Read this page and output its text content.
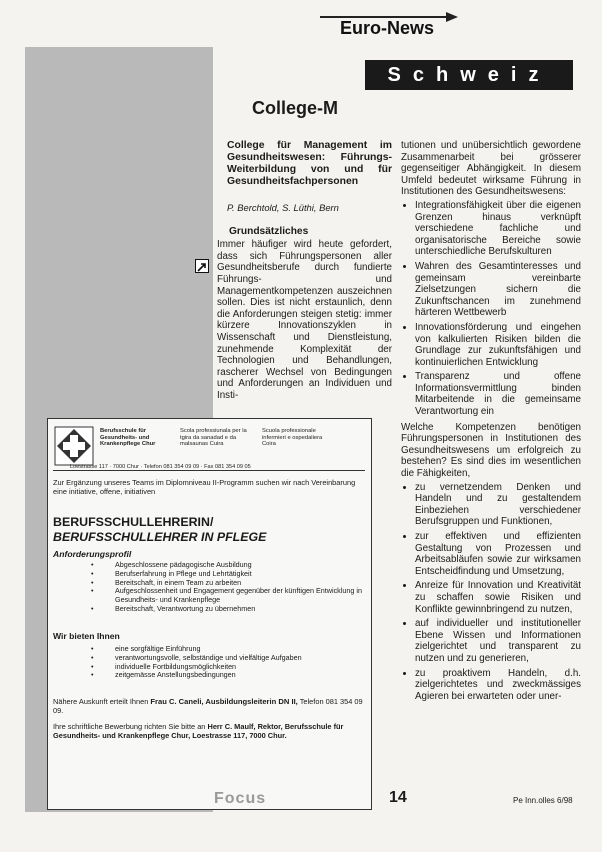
Euro-News
Schweiz
College-M

College für Management im Gesundheitswesen: Führungs-Weiterbildung von und für Gesundheitsfachpersonen

P. Berchtold, S. Lüthi, Bern

Grundsätzliches

Immer häufiger wird heute gefordert, dass sich Führungspersonen aller Gesundheitsberufe durch fundierte Führungs- und Managementkompetenzen auszeichnen sollen. Dies ist nicht erstaunlich, denn die Anforderungen steigen stetig: immer kürzere Innovationszyklen in Wissenschaft und Dienstleistung, zunehmende Komplexität der Technologien und Behandlungen, rascherer Wechsel von Bedingungen und Anforderungen an Individuen und Insti-

tutionen und unübersichtlich gewordene Zusammenarbeit bei grösserer gegenseitiger Abhängigkeit. In diesem Umfeld bedeutet wirksame Führung in Institutionen des Gesundheitswesens:

• Integrationsfähigkeit über die eigenen Grenzen hinaus verknüpft verschiedene fachliche und organisatorische Bereiche sowie unterschiedliche Berufskulturen
• Wahren des Gesamtinteresses und gemeinsam vereinbarte Zielsetzungen sichern die Zukunftschancen im zunehmend härteren Wettbewerb
• Innovationsförderung und eingehen von kalkulierten Risiken bilden die Grundlage zur zukunftsfähigen und kontinuierlichen Entwicklung
• Transparenz und offene Informationsvermittlung binden Mitarbeitende in die gemeinsame Verantwortung ein

Welche Kompetenzen benötigen Führungspersonen in Institutionen des Gesundheitswesens um erfolgreich zu bestehen? Es sind dies im wesentlichen die Fähigkeiten,

• zu vernetzendem Denken und Handeln und zu gestaltendem Einbeziehen verschiedener Berufsgruppen und Funktionen,
• zur effektiven und effizienten Gestaltung von Prozessen und Arbeitsabläufen sowie zur wirksamen Entscheidfindung und Umsetzung,
• Anreize für Innovation und Kreativität zu schaffen sowie Risiken und Konflikte gewinnbringend zu nutzen,
• auf individueller und institutioneller Ebene Wissen und Informationen zielgerichtet und transparent zu nutzen und zu generieren,
• zu proaktivem Handeln, d.h. zielgerichtetes und zweckmässiges Agieren bei erwarteten oder uner-
Berufsschule für Gesundheits- und Krankenpflege Chur
Scola professiunala per la tgira da sanadad e da malsaunas Cuira
Scuola professionale infermieri e ospedaliera Coira
Loestrasse 117 · 7000 Chur · Telefon 081 354 09 09 · Fax 081 354 09 05
Zur Ergänzung unseres Teams im Diplomniveau II-Programm suchen wir nach Vereinbarung eine initiative, offene, initiativen
BERUFSSCHULLEHRERIN/
BERUFSSCHULLEHRER IN PFLEGE
Anforderungsprofil
• Abgeschlossene pädagogische Ausbildung
• Berufserfahrung in Pflege und Lehrtätigkeit
• Bereitschaft, in einem Team zu arbeiten
• Aufgeschlossenheit und Engagement gegenüber der künftigen Entwicklung in Gesundheits- und Krankenpflege
• Bereitschaft, Verantwortung zu übernehmen
Wir bieten Ihnen
• eine sorgfältige Einführung
• verantwortungsvolle, selbständige und vielfältige Aufgaben
• individuelle Fortbildungsmöglichkeiten
• zeitgemässe Anstellungsbedingungen
Nähere Auskunft erteilt Ihnen Frau C. Caneli, Ausbildungsleiterin DN II, Telefon 081 354 09 09.
Ihre schriftliche Bewerbung richten Sie bitte an Herr C. Maulf, Rektor, Berufsschule für Gesundheits- und Krankenpflege Chur, Loestrasse 117, 7000 Chur.
Focus	14	Pe Inn.olles 6/98
